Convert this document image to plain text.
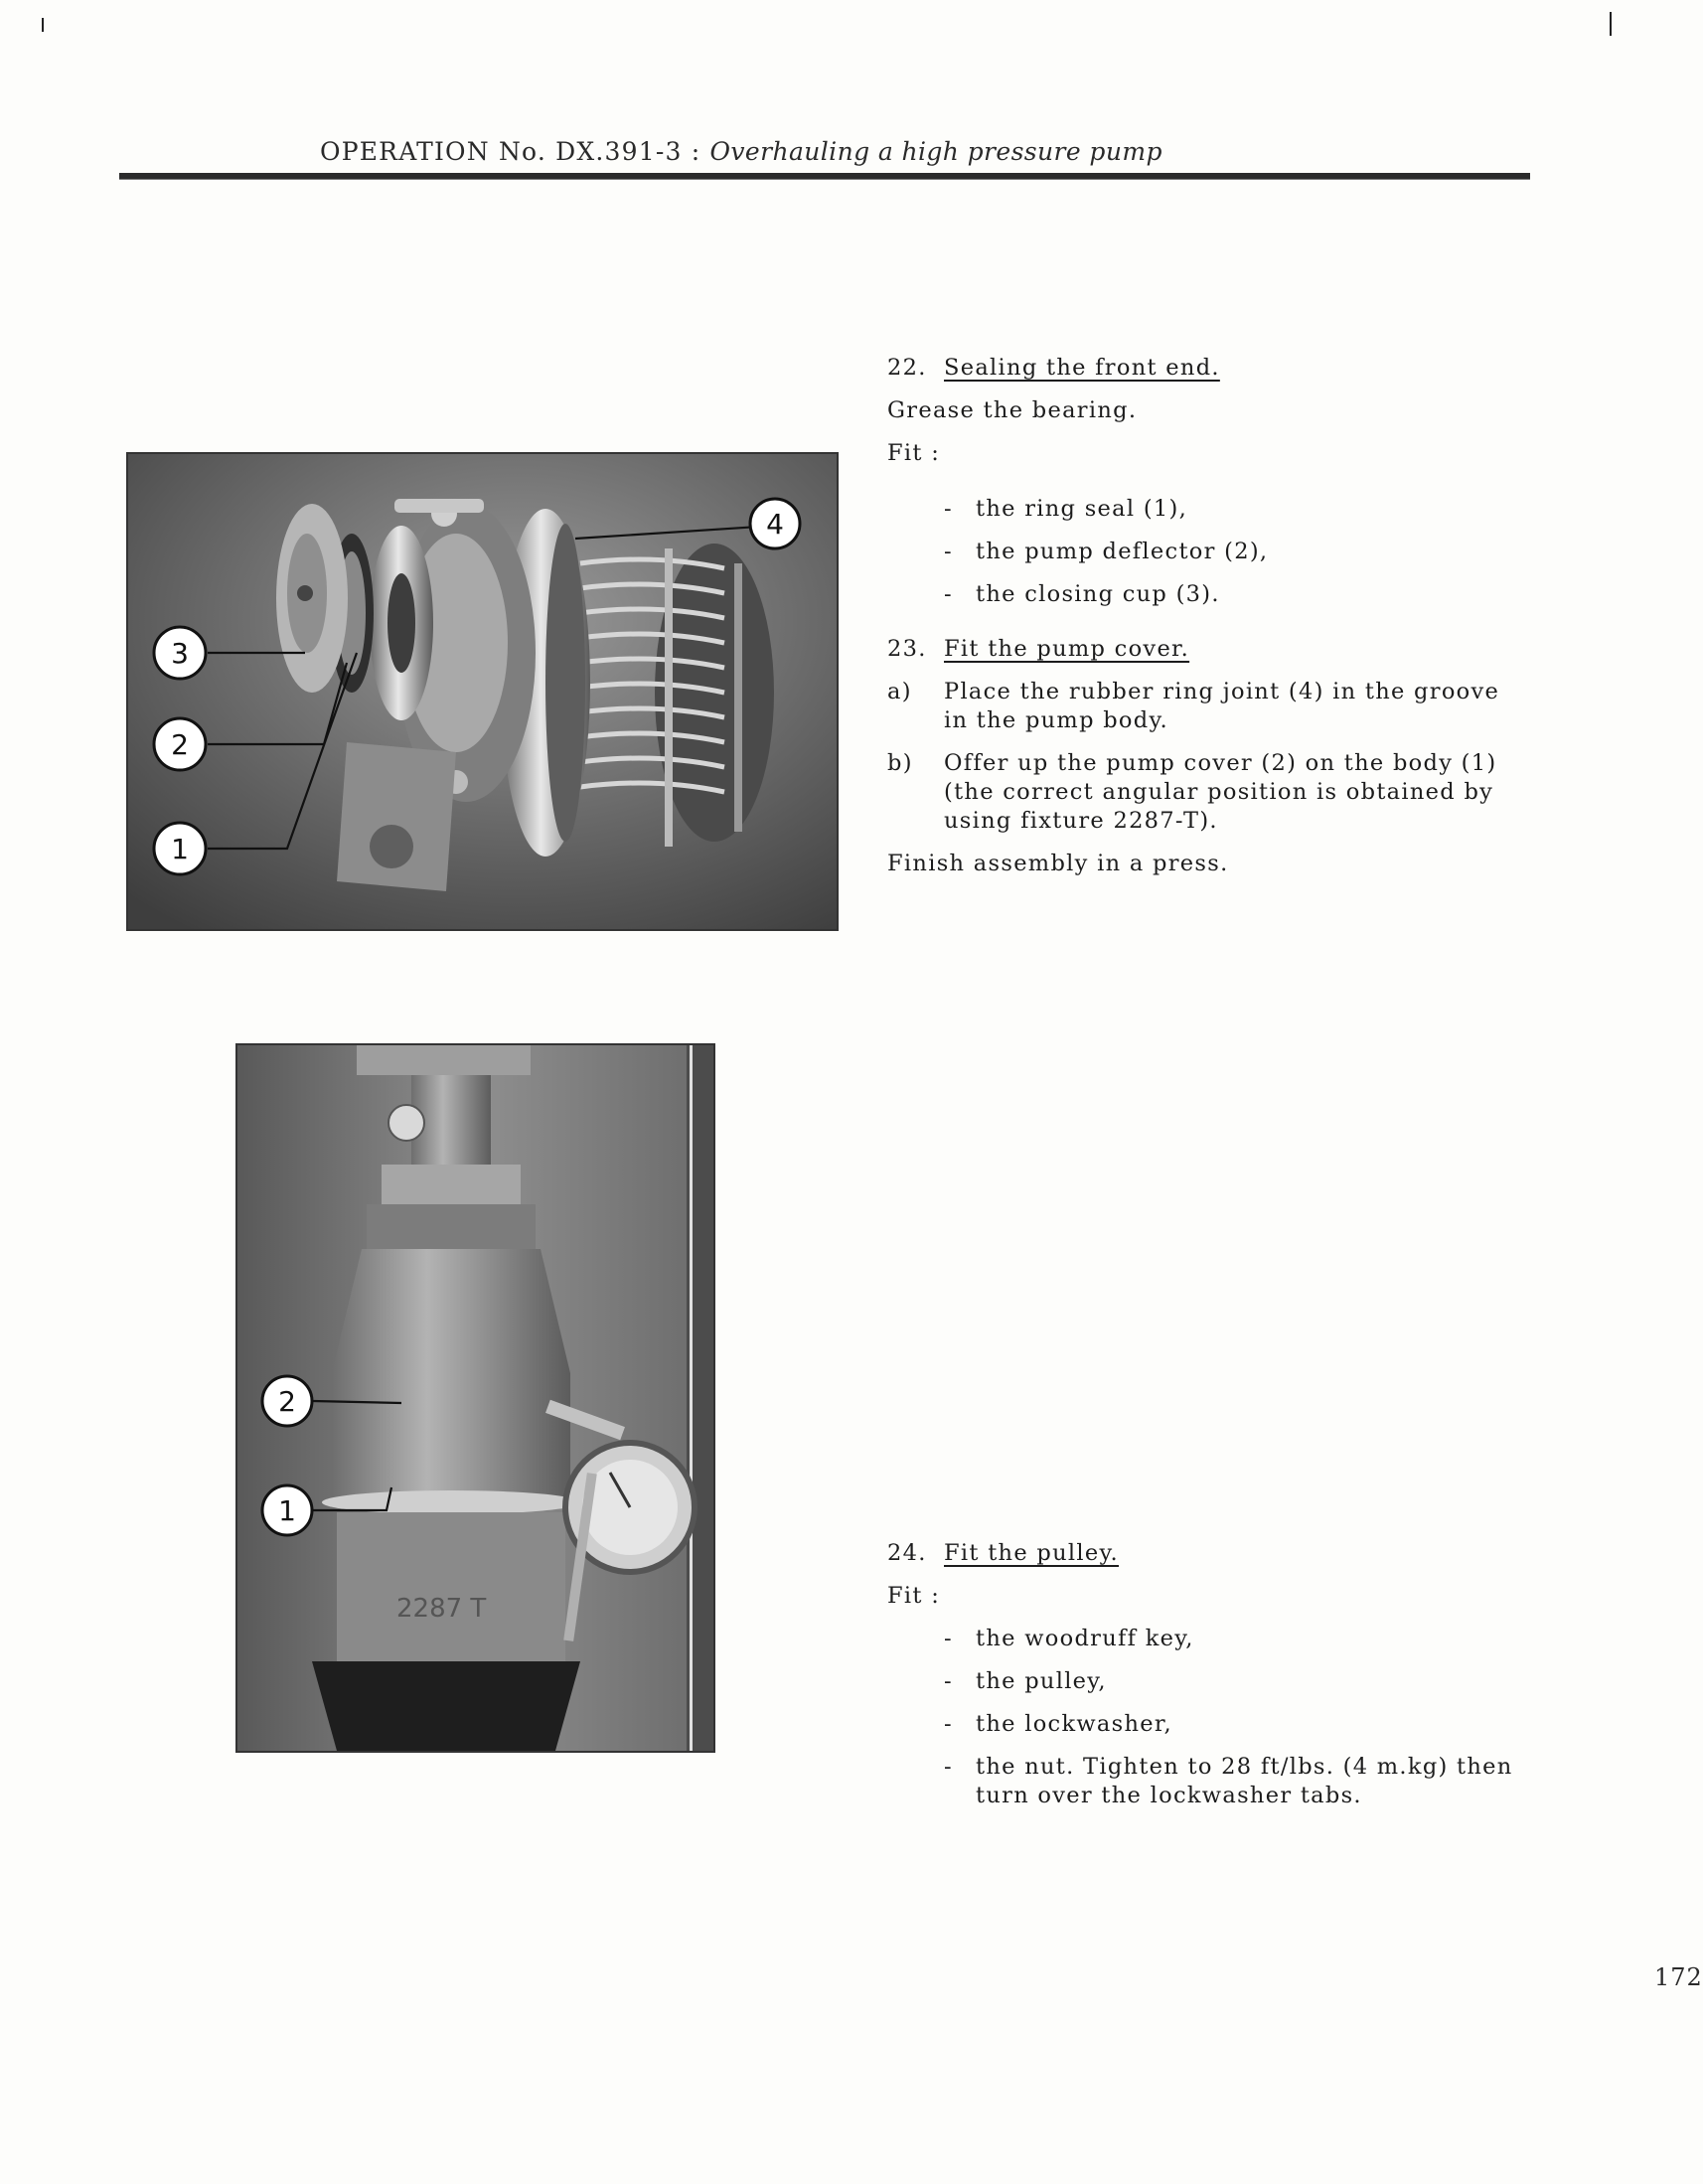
OPERATION No. DX.391-3 : Overhauling a high pressure pump
22. Sealing the front end.
Grease the bearing.
Fit :
- the ring seal (1),
- the pump deflector (2),
- the closing cup (3).
23. Fit the pump cover.
a) Place the rubber ring joint (4) in the groove in the pump body.
b) Offer up the pump cover (2) on the body (1) (the correct angular position is obtained by using fixture 2287-T).
Finish assembly in a press.
24. Fit the pulley.
Fit :
- the woodruff key,
- the pulley,
- the lockwasher,
- the nut. Tighten to 28 ft/lbs. (4 m.kg) then turn over the lockwasher tabs.
3
2
1
4
2287 T
2
1
172
